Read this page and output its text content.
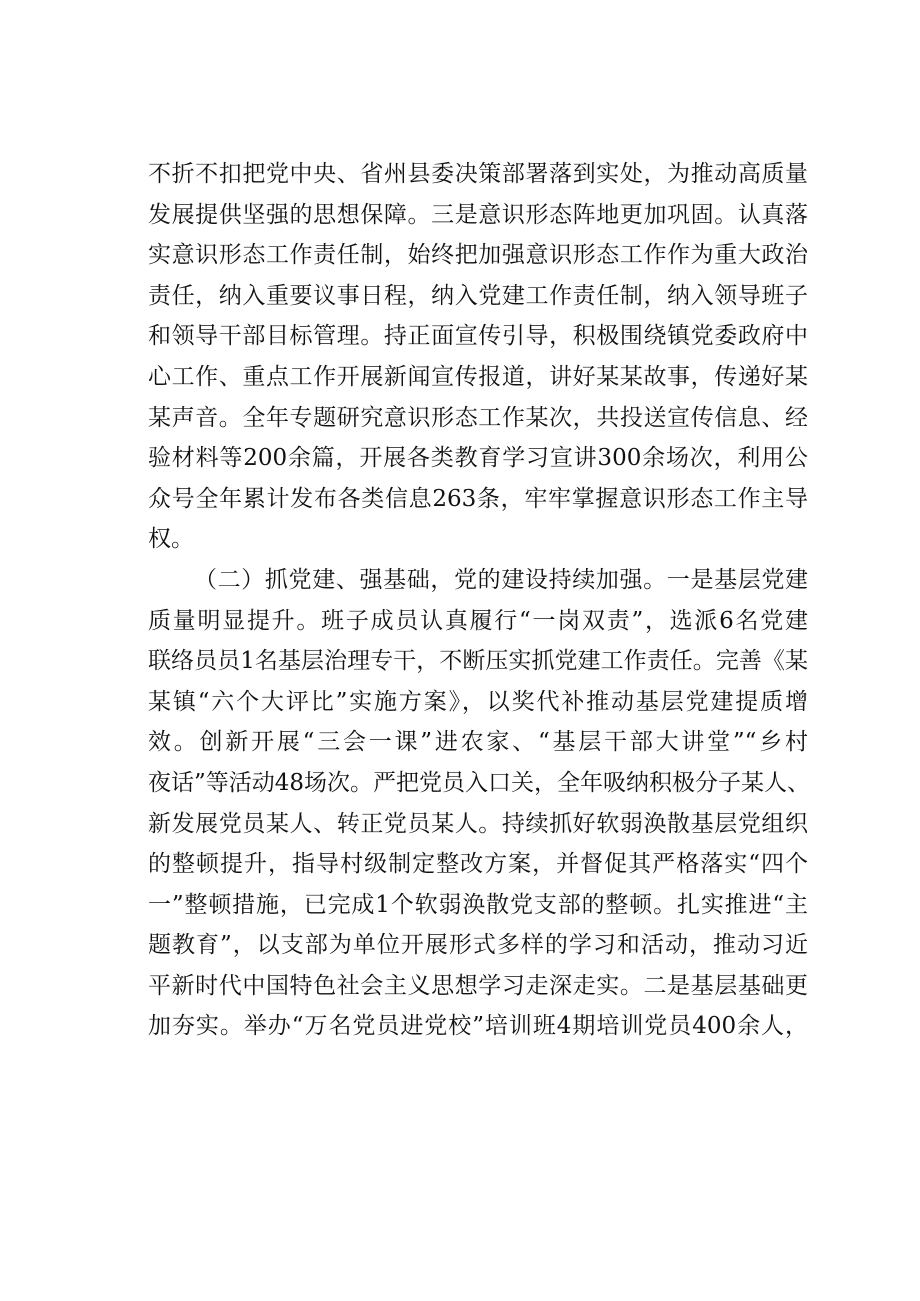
不折不扣把党中央、省州县委决策部署落到实处，为推动高质量
发展提供坚强的思想保障。三是意识形态阵地更加巩固。认真落
实意识形态工作责任制，始终把加强意识形态工作作为重大政治
责任，纳入重要议事日程，纳入党建工作责任制，纳入领导班子
和领导干部目标管理。持正面宣传引导，积极围绕镇党委政府中
心工作、重点工作开展新闻宣传报道，讲好某某故事，传递好某
某声音。全年专题研究意识形态工作某次，共投送宣传信息、经
验材料等200余篇，开展各类教育学习宣讲300余场次，利用公
众号全年累计发布各类信息263条，牢牢掌握意识形态工作主导
权。
（二）抓党建、强基础，党的建设持续加强。一是基层党建
质量明显提升。班子成员认真履行“一岗双责”，选派6名党建
联络员员1名基层治理专干，不断压实抓党建工作责任。完善《某
某镇“六个大评比”实施方案》，以奖代补推动基层党建提质增
效。创新开展“三会一课”进农家、“基层干部大讲堂”“乡村
夜话”等活动48场次。严把党员入口关，全年吸纳积极分子某人、
新发展党员某人、转正党员某人。持续抓好软弱涣散基层党组织
的整顿提升，指导村级制定整改方案，并督促其严格落实“四个
一”整顿措施，已完成1个软弱涣散党支部的整顿。扎实推进“主
题教育”，以支部为单位开展形式多样的学习和活动，推动习近
平新时代中国特色社会主义思想学习走深走实。二是基层基础更
加夯实。举办“万名党员进党校”培训班4期培训党员400余人，
